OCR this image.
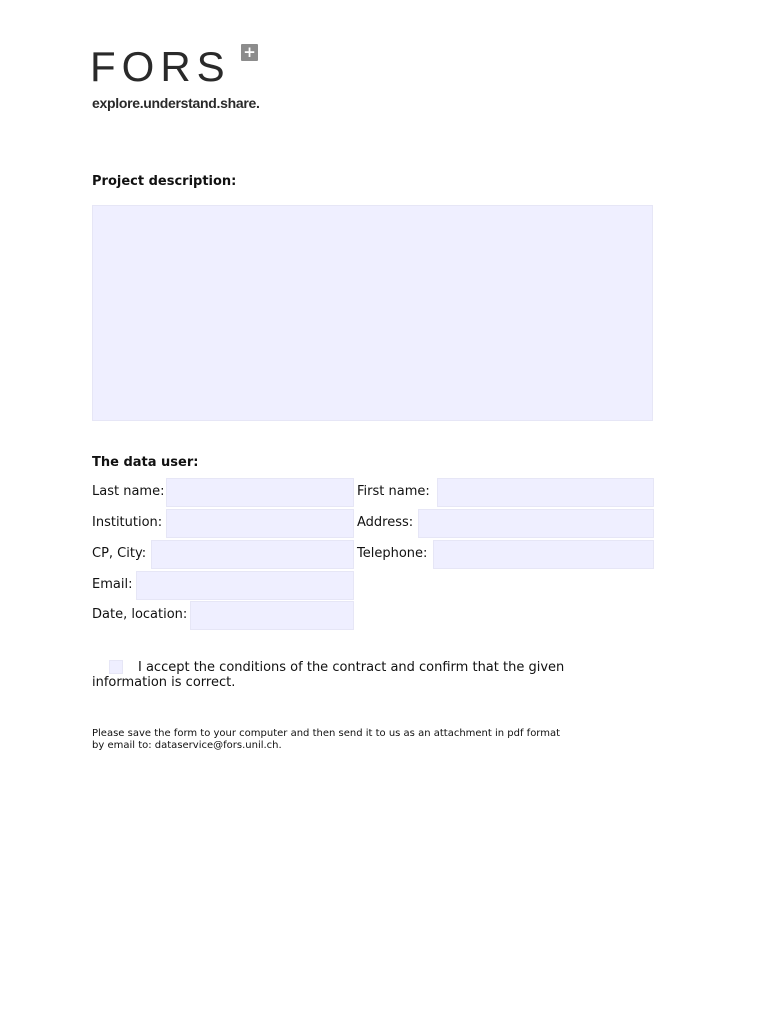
FORS +
explore.understand.share.
Project description:
The data user:
Last name:	First name:
Institution:	Address:
CP, City:	Telephone:
Email:
Date, location:
I accept the conditions of the contract and confirm that the given
information is correct.
Please save the form to your computer and then send it to us as an attachment in pdf format
by email to: dataservice@fors.unil.ch.
